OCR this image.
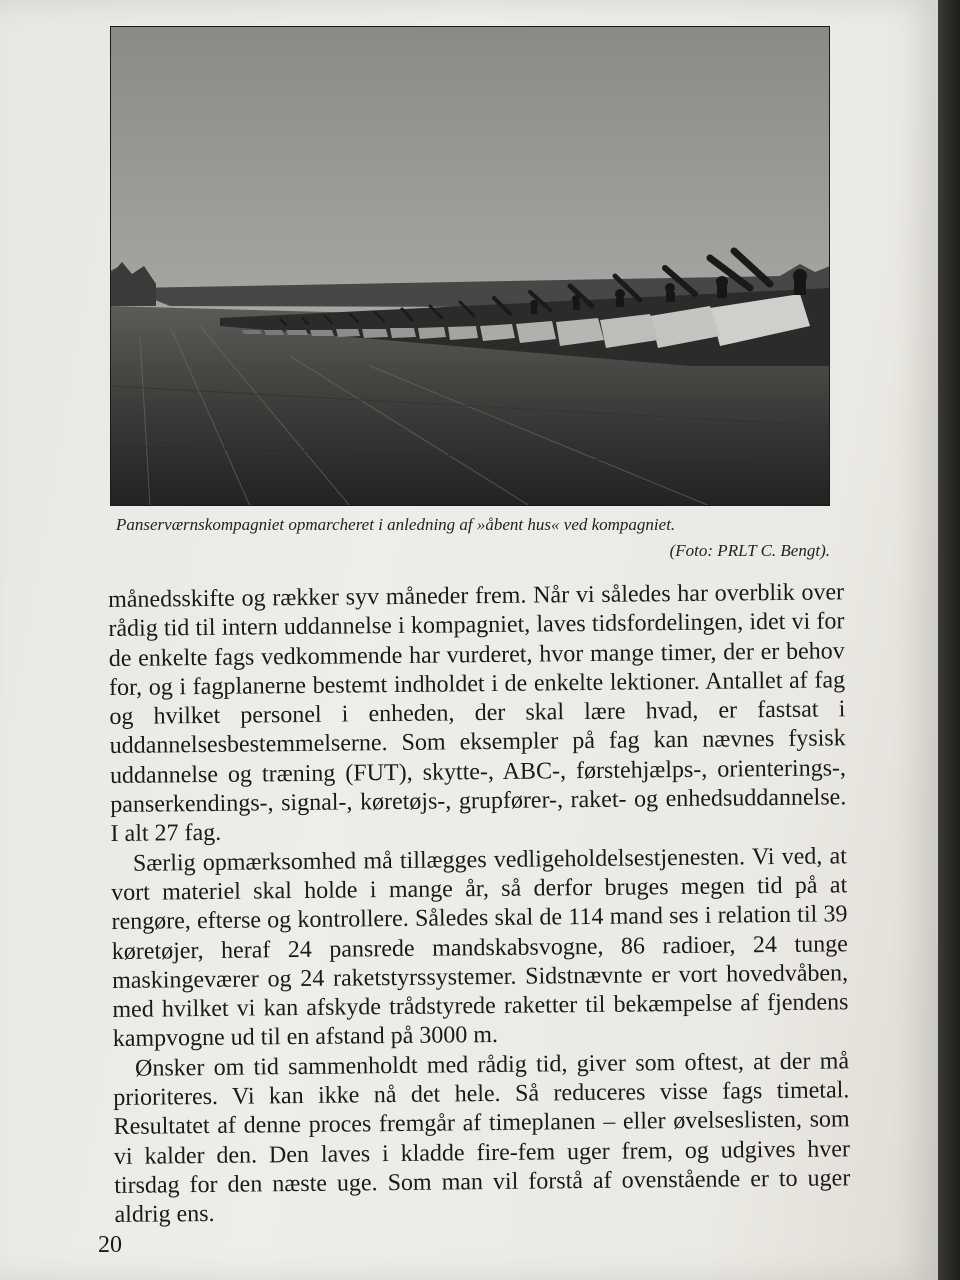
Panserværnskompagniet opmarcheret i anledning af »åbent hus« ved kompagniet.
(Foto: PRLT C. Bengt).

månedsskifte og rækker syv måneder frem. Når vi således har overblik over rådig tid til intern uddannelse i kompagniet, laves tidsfordelingen, idet vi for de enkelte fags vedkommende har vurderet, hvor mange timer, der er behov for, og i fagplanerne bestemt indholdet i de enkelte lektioner. Antallet af fag og hvilket personel i enheden, der skal lære hvad, er fastsat i uddannelsesbestemmelserne. Som eksempler på fag kan nævnes fysisk uddannelse og træning (FUT), skytte-, ABC-, førstehjælps-, orienterings-, panserkendings-, signal-, køretøjs-, grupfører-, raket- og enhedsuddannelse. I alt 27 fag.

Særlig opmærksomhed må tillægges vedligeholdelsestjenesten. Vi ved, at vort materiel skal holde i mange år, så derfor bruges megen tid på at rengøre, efterse og kontrollere. Således skal de 114 mand ses i relation til 39 køretøjer, heraf 24 pansrede mandskabsvogne, 86 radioer, 24 tunge maskingeværer og 24 raketstyrssystemer. Sidstnævnte er vort hovedvåben, med hvilket vi kan afskyde trådstyrede raketter til bekæmpelse af fjendens kampvogne ud til en afstand på 3000 m.

Ønsker om tid sammenholdt med rådig tid, giver som oftest, at der må prioriteres. Vi kan ikke nå det hele. Så reduceres visse fags timetal. Resultatet af denne proces fremgår af timeplanen – eller øvelseslisten, som vi kalder den. Den laves i kladde fire-fem uger frem, og udgives hver tirsdag for den næste uge. Som man vil forstå af ovenstående er to uger aldrig ens.

20
